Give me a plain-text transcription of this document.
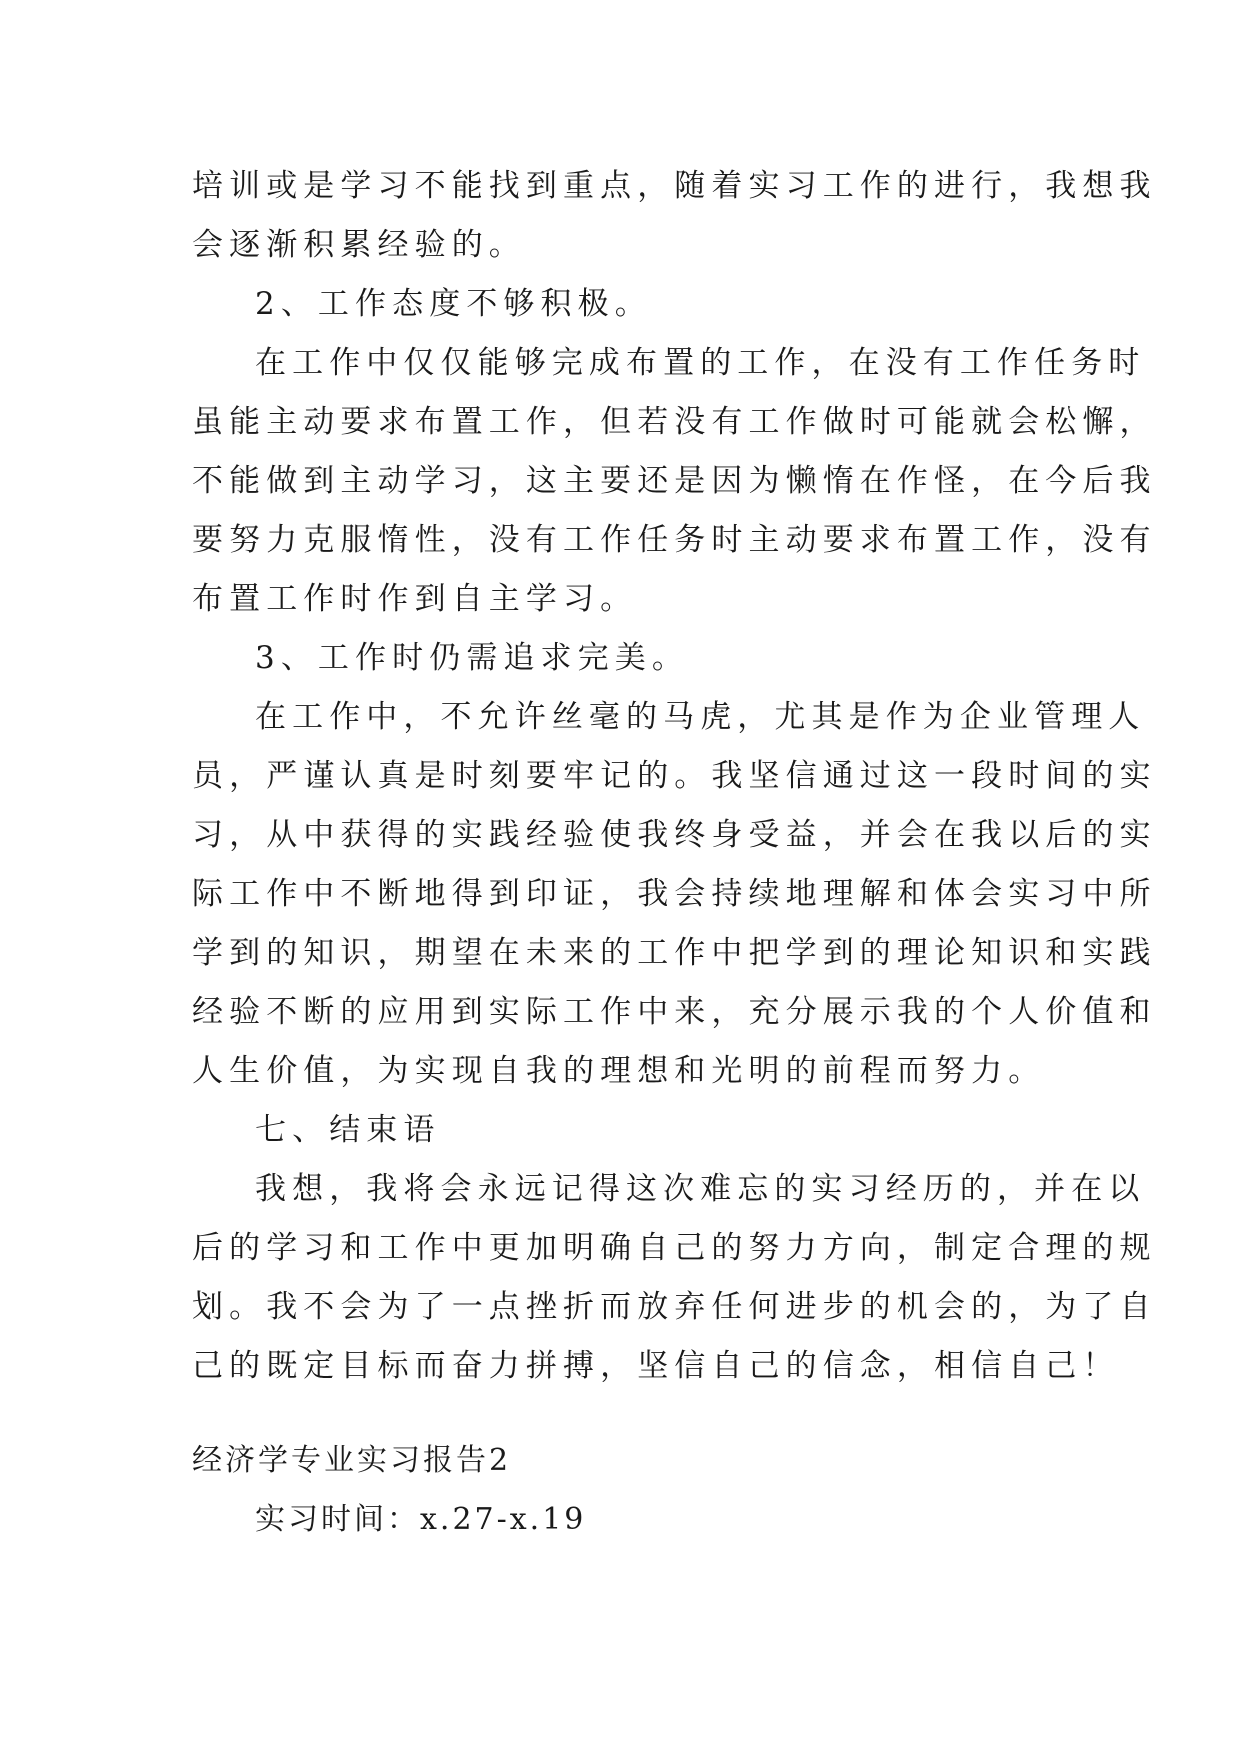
培训或是学习不能找到重点，随着实习工作的进行，我想我

会逐渐积累经验的。

2、工作态度不够积极。

在工作中仅仅能够完成布置的工作，在没有工作任务时

虽能主动要求布置工作，但若没有工作做时可能就会松懈，

不能做到主动学习，这主要还是因为懒惰在作怪，在今后我

要努力克服惰性，没有工作任务时主动要求布置工作，没有

布置工作时作到自主学习。

3、工作时仍需追求完美。

在工作中，不允许丝毫的马虎，尤其是作为企业管理人

员，严谨认真是时刻要牢记的。我坚信通过这一段时间的实

习，从中获得的实践经验使我终身受益，并会在我以后的实

际工作中不断地得到印证，我会持续地理解和体会实习中所

学到的知识，期望在未来的工作中把学到的理论知识和实践

经验不断的应用到实际工作中来，充分展示我的个人价值和

人生价值，为实现自我的理想和光明的前程而努力。

七、结束语

我想，我将会永远记得这次难忘的实习经历的，并在以

后的学习和工作中更加明确自己的努力方向，制定合理的规

划。我不会为了一点挫折而放弃任何进步的机会的，为了自

己的既定目标而奋力拼搏，坚信自己的信念，相信自己！

经济学专业实习报告2

实习时间：x.27-x.19
